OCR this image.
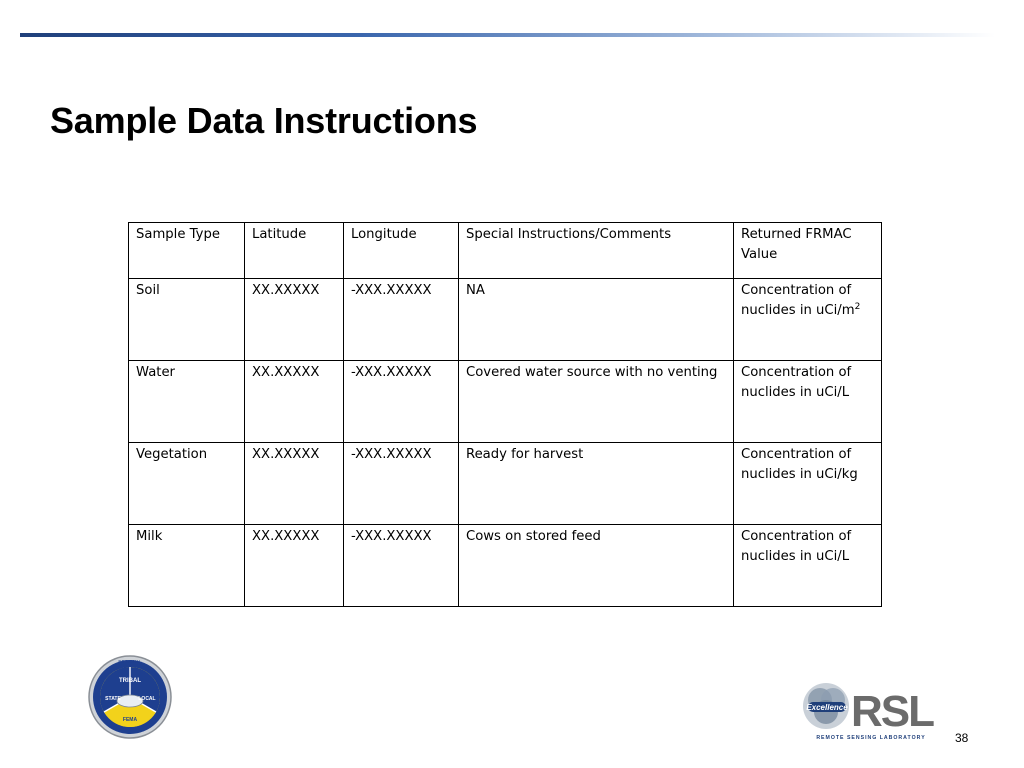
Sample Data Instructions
Sample Type	Latitude	Longitude	Special Instructions/Comments	Returned FRMAC Value
Soil	XX.XXXXX	-XXX.XXXXX	NA	Concentration of nuclides in uCi/$m^2$
Water	XX.XXXXX	-XXX.XXXXX	Covered water source with no venting	Concentration of nuclides in uCi/L
Vegetation	XX.XXXXX	-XXX.XXXXX	Ready for harvest	Concentration of nuclides in uCi/kg
Milk	XX.XXXXX	-XXX.XXXXX	Cows on stored feed	Concentration of nuclides in uCi/L
TRIBAL
STATE	LOCAL
FEMA
REGIONAL
Excellence RSL
REMOTE SENSING LABORATORY 38
